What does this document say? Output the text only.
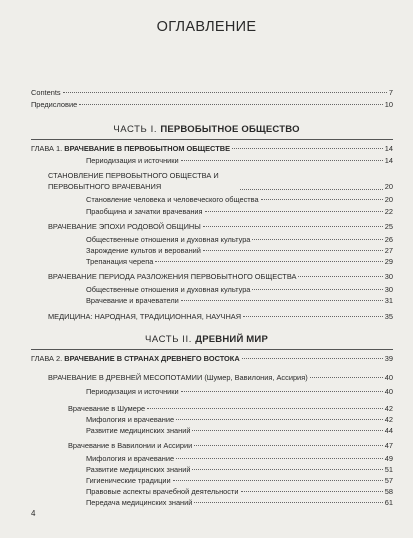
ОГЛАВЛЕНИЕ
Contents	7
Предисловие	10
ЧАСТЬ I. ПЕРВОБЫТНОЕ ОБЩЕСТВО
ГЛАВА 1. ВРАЧЕВАНИЕ В ПЕРВОБЫТНОМ ОБЩЕСТВЕ	14
Периодизация и источники	14
СТАНОВЛЕНИЕ ПЕРВОБЫТНОГО ОБЩЕСТВА И ПЕРВОБЫТНОГО ВРАЧЕВАНИЯ	20
Становление человека и человеческого общества	20
Праобщина и зачатки врачевания	22
ВРАЧЕВАНИЕ ЭПОХИ РОДОВОЙ ОБЩИНЫ	25
Общественные отношения и духовная культура	26
Зарождение культов и верований	27
Трепанация черепа	29
ВРАЧЕВАНИЕ ПЕРИОДА РАЗЛОЖЕНИЯ ПЕРВОБЫТНОГО ОБЩЕСТВА	30
Общественные отношения и духовная культура	30
Врачевание и врачеватели	31
МЕДИЦИНА: НАРОДНАЯ, ТРАДИЦИОННАЯ, НАУЧНАЯ	35
ЧАСТЬ II. ДРЕВНИЙ МИР
ГЛАВА 2. ВРАЧЕВАНИЕ В СТРАНАХ ДРЕВНЕГО ВОСТОКА	39
ВРАЧЕВАНИЕ В ДРЕВНЕЙ МЕСОПОТАМИИ (Шумер, Вавилония, Ассирия)	40
Периодизация и источники	40
Врачевание в Шумере	42
Мифология и врачевание	42
Развитие медицинских знаний	44
Врачевание в Вавилонии и Ассирии	47
Мифология и врачевание	49
Развитие медицинских знаний	51
Гигиенические традиции	57
Правовые аспекты врачебной деятельности	58
Передача медицинских знаний	61
4
